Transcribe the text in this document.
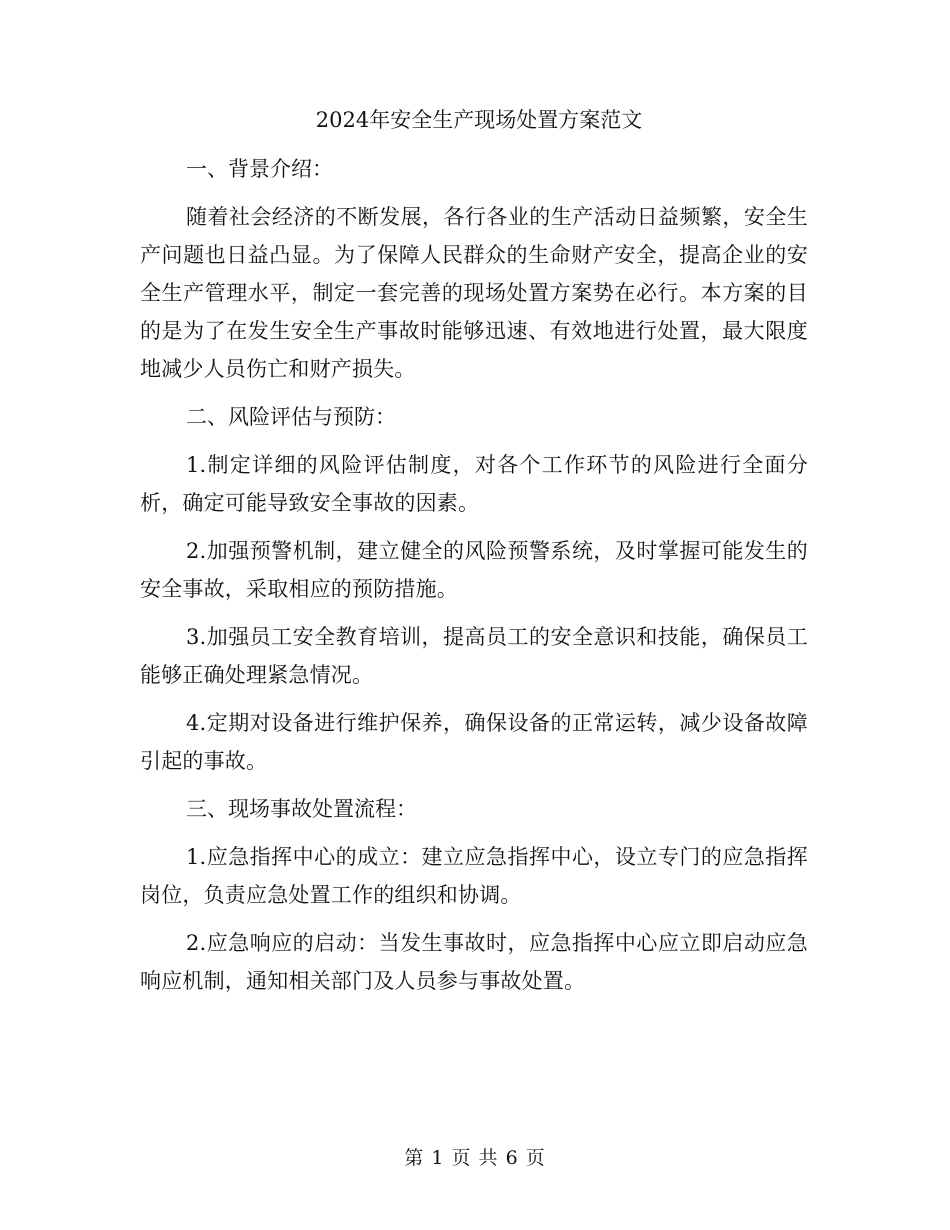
2024年安全生产现场处置方案范文
一、背景介绍：
随着社会经济的不断发展，各行各业的生产活动日益频繁，安全生产问题也日益凸显。为了保障人民群众的生命财产安全，提高企业的安全生产管理水平，制定一套完善的现场处置方案势在必行。本方案的目的是为了在发生安全生产事故时能够迅速、有效地进行处置，最大限度地减少人员伤亡和财产损失。
二、风险评估与预防：
1.制定详细的风险评估制度，对各个工作环节的风险进行全面分析，确定可能导致安全事故的因素。
2.加强预警机制，建立健全的风险预警系统，及时掌握可能发生的安全事故，采取相应的预防措施。
3.加强员工安全教育培训，提高员工的安全意识和技能，确保员工能够正确处理紧急情况。
4.定期对设备进行维护保养，确保设备的正常运转，减少设备故障引起的事故。
三、现场事故处置流程：
1.应急指挥中心的成立：建立应急指挥中心，设立专门的应急指挥岗位，负责应急处置工作的组织和协调。
2.应急响应的启动：当发生事故时，应急指挥中心应立即启动应急响应机制，通知相关部门及人员参与事故处置。
第 1 页 共 6 页
